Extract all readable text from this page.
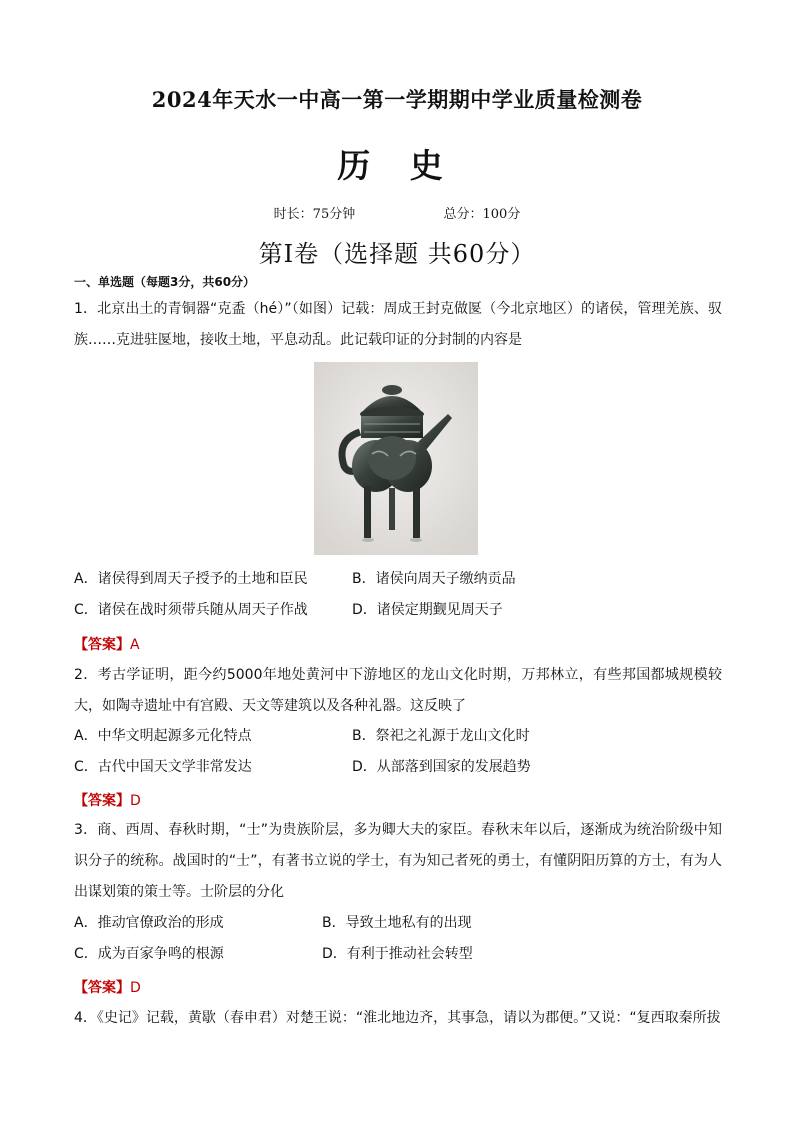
2024年天水一中高一第一学期期中学业质量检测卷
历 史
时长：75分钟	总分：100分
第Ⅰ卷（选择题 共60分）
一、单选题（每题3分，共60分）
1．北京出土的青铜器“克盉（hé）”（如图）记载：周成王封克做匽（今北京地区）的诸侯，管理羌族、驭族……克进驻匽地，接收土地，平息动乱。此记载印证的分封制的内容是
A．诸侯得到周天子授予的土地和臣民	B．诸侯向周天子缴纳贡品
C．诸侯在战时须带兵随从周天子作战	D．诸侯定期觐见周天子
【答案】A
2．考古学证明，距今约5000年地处黄河中下游地区的龙山文化时期，万邦林立，有些邦国都城规模较大，如陶寺遗址中有宫殿、天文等建筑以及各种礼器。这反映了
A．中华文明起源多元化特点	B．祭祀之礼源于龙山文化时
C．古代中国天文学非常发达	D．从部落到国家的发展趋势
【答案】D
3．商、西周、春秋时期，“士”为贵族阶层，多为卿大夫的家臣。春秋末年以后，逐渐成为统治阶级中知识分子的统称。战国时的“士”，有著书立说的学士，有为知己者死的勇士，有懂阴阳历算的方士，有为人出谋划策的策士等。士阶层的分化
A．推动官僚政治的形成	B．导致土地私有的出现
C．成为百家争鸣的根源	D．有利于推动社会转型
【答案】D
4．《史记》记载，黄歇（春申君）对楚王说：“淮北地边齐，其事急，请以为郡便。”又说：“复西取秦所拔
